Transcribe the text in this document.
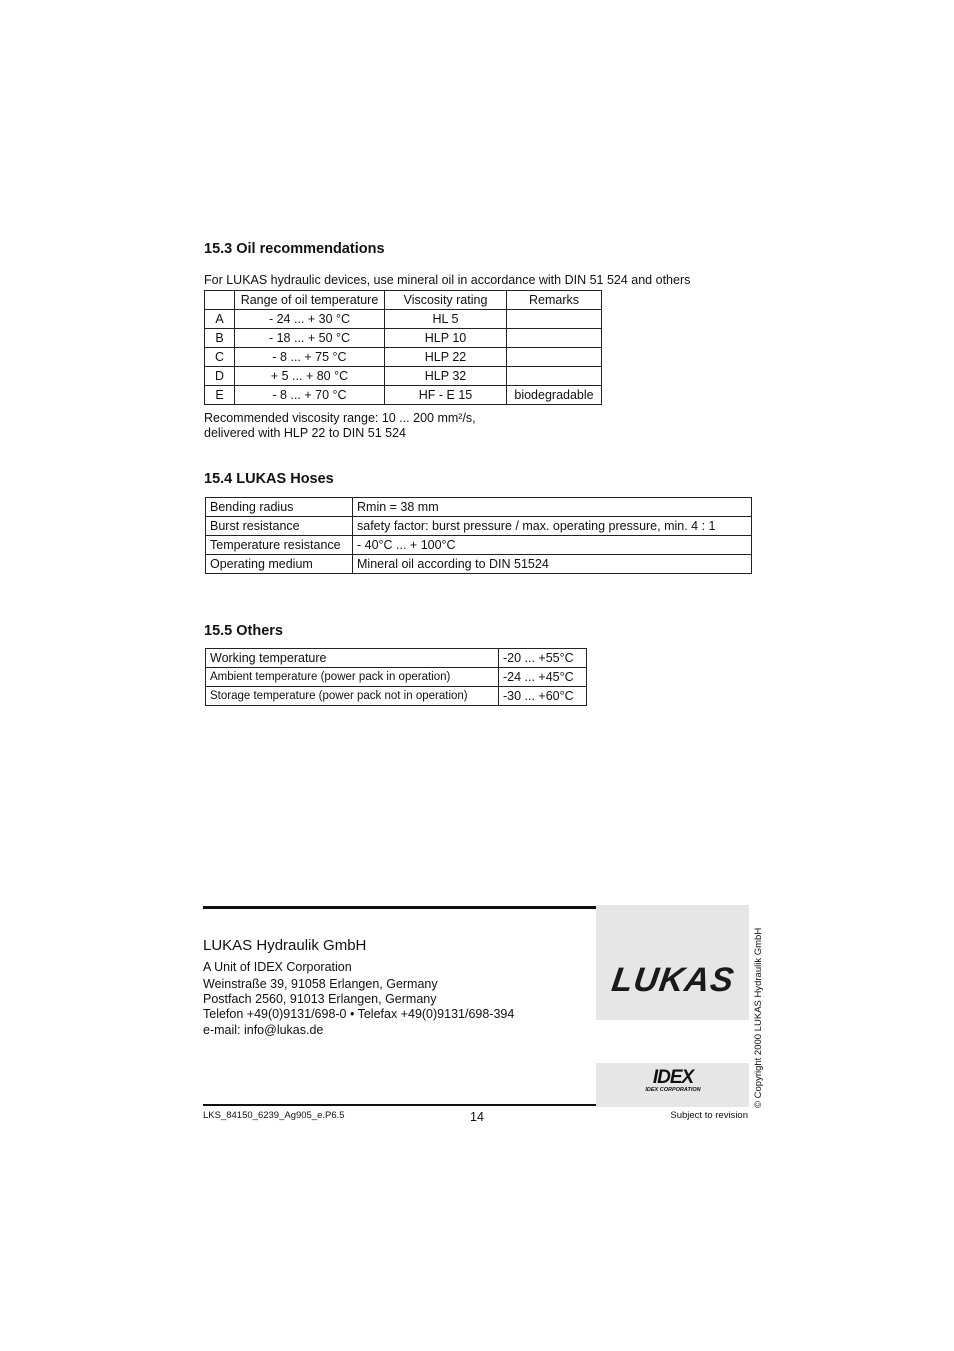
15.3 Oil recommendations
For LUKAS hydraulic devices, use mineral oil in accordance with DIN 51 524 and others
	Range of oil temperature	Viscosity rating	Remarks
A	- 24 ... + 30 °C	HL 5	
B	- 18 ... + 50 °C	HLP 10	
C	- 8 ... + 75 °C	HLP 22	
D	+ 5 ... + 80 °C	HLP 32	
E	- 8 ... + 70 °C	HF - E 15	biodegradable
Recommended viscosity range: 10 ... 200 mm²/s,
delivered with HLP 22 to DIN 51 524
15.4 LUKAS Hoses
Bending radius	Rmin = 38 mm
Burst resistance	safety factor: burst pressure / max. operating pressure, min. 4 : 1
Temperature resistance	- 40°C ... + 100°C
Operating medium	Mineral oil according to DIN 51524
15.5 Others
Working temperature	-20 ... +55°C
Ambient temperature (power pack in operation)	-24 ... +45°C
Storage temperature (power pack not in operation)	-30 ... +60°C
LUKAS
IDEX
IDEX CORPORATION
LUKAS Hydraulik GmbH
A Unit of IDEX Corporation
Weinstraße 39, 91058 Erlangen, Germany
Postfach 2560, 91013 Erlangen, Germany
Telefon +49(0)9131/698-0 • Telefax +49(0)9131/698-394
e-mail: info@lukas.de	© Copyright 2000 LUKAS Hydraulik GmbH
LKS_84150_6239_Ag905_e.P6.5	14	Subject to revision
